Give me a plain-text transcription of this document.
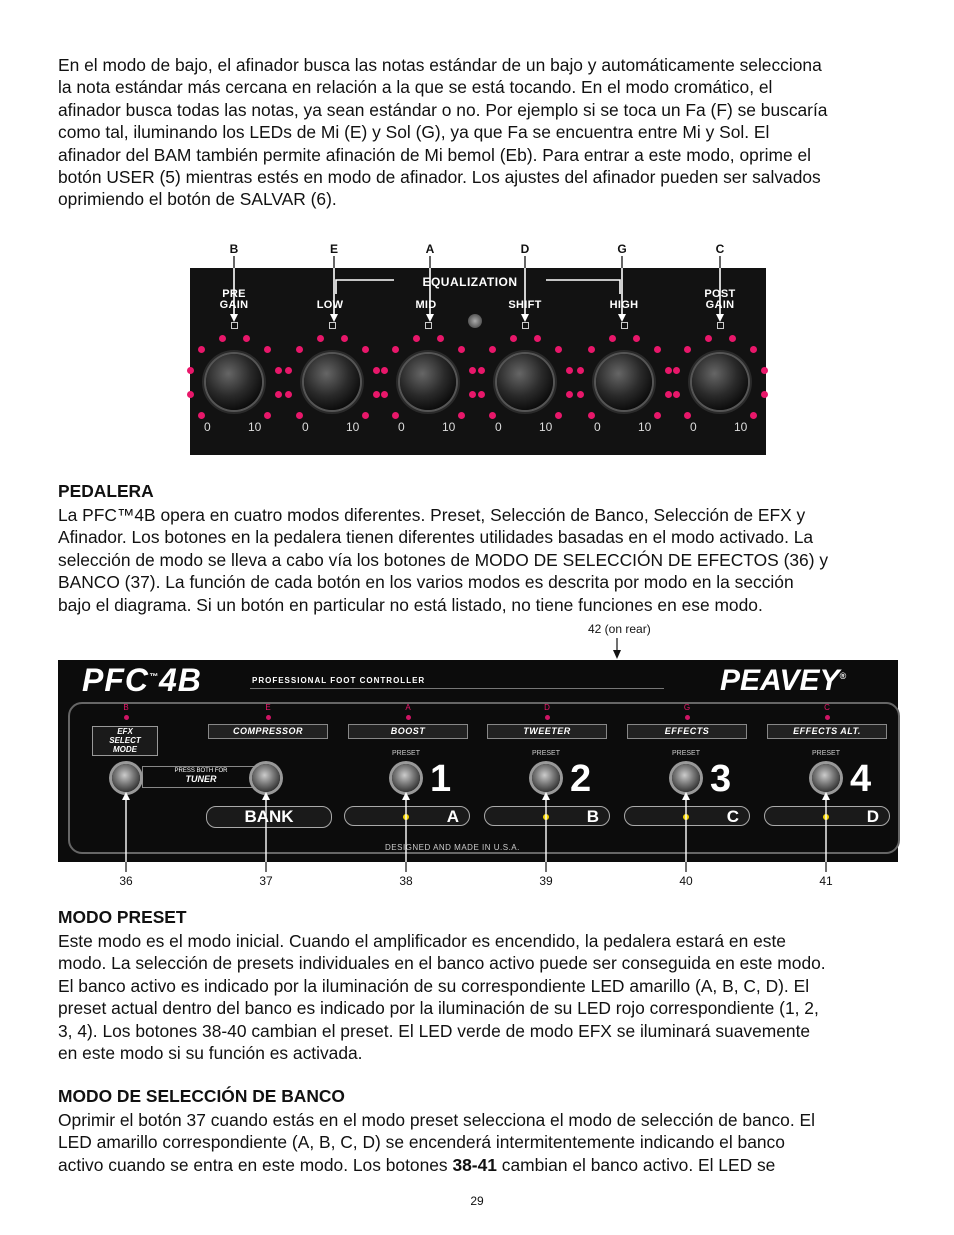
En el modo de bajo, el afinador busca las notas estándar de un bajo y automáticamente selecciona
la nota estándar más cercana en relación a la que se está tocando. En el modo cromático, el
afinador busca todas las notas, ya sean estándar o no. Por ejemplo si se toca un Fa (F) se buscaría
como tal, iluminando los LEDs de Mi (E) y Sol (G), ya que Fa se encuentra entre Mi y Sol. El
afinador del BAM también permite afinación de Mi bemol (Eb). Para entrar a este modo, oprime el
botón USER (5) mientras estés en modo de afinador. Los ajustes del afinador pueden ser salvados
oprimiendo el botón de SALVAR (6).
B	E	A	D	G	C
EQUALIZATION
PRE
GAIN	LOW	MID	SHIFT	HIGH
POST
GAIN
0	10	0	10	0	10	0	10	0	10	0	10
PEDALERA
La PFC™4B opera en cuatro modos diferentes. Preset, Selección de Banco, Selección de EFX y
Afinador. Los botones en la pedalera tienen diferentes utilidades basadas en el modo activado. La
selección de modo se lleva a cabo vía los botones de MODO DE SELECCIÓN DE EFECTOS (36) y
BANCO (37). La función de cada botón en los varios modos es descrita por modo en la sección
bajo el diagrama. Si un botón en particular no está listado, no tiene funciones en ese modo.
42 (on rear)
PFC™4B	PROFESSIONAL FOOT CONTROLLER	PEAVEY®
B
EFX
SELECT
MODE
E	A	D	G	C
COMPRESSOR	BOOST	TWEETER	EFFECTS	EFFECTS ALT.
PRESS BOTH FOR
TUNER
PRESET	PRESET	PRESET	PRESET
1	2	3	4
BANK	A	B	C	D
DESIGNED AND MADE IN U.S.A.
36	37	38	39	40	41
MODO PRESET
Este modo es el modo inicial. Cuando el amplificador es encendido, la pedalera estará en este
modo. La selección de presets individuales en el banco activo puede ser conseguida en este modo.
El banco activo es indicado por la iluminación de su correspondiente LED amarillo (A, B, C, D). El
preset actual dentro del banco es indicado por la iluminación de su LED rojo correspondiente (1, 2,
3, 4). Los botones 38-40 cambian el preset. El LED verde de modo EFX se iluminará suavemente
en este modo si su función es activada.
MODO DE SELECCIÓN DE BANCO
Oprimir el botón 37 cuando estás en el modo preset selecciona el modo de selección de banco. El
LED amarillo correspondiente (A, B, C, D) se encenderá intermitentemente indicando el banco
activo cuando se entra en este modo. Los botones 38-41 cambian el banco activo. El LED se
29
